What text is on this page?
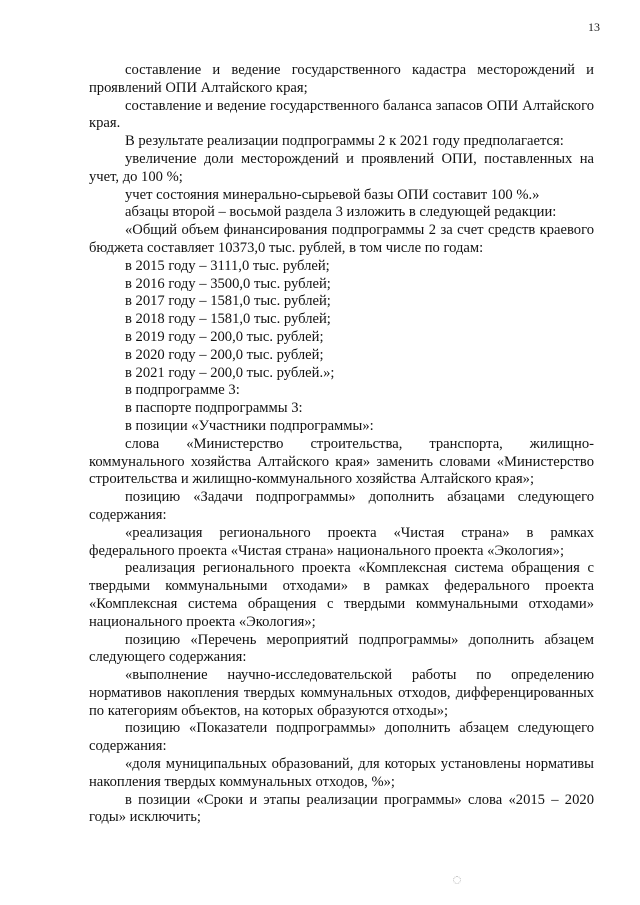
13

составление и ведение государственного кадастра месторождений и проявлений ОПИ Алтайского края;

составление и ведение государственного баланса запасов ОПИ Алтайского края.

В результате реализации подпрограммы 2 к 2021 году предполагается:

увеличение доли месторождений и проявлений ОПИ, поставленных на учет, до 100 %;

учет состояния минерально-сырьевой базы ОПИ составит 100 %.»

абзацы второй – восьмой раздела 3 изложить в следующей редакции:

«Общий объем финансирования подпрограммы 2 за счет средств краевого бюджета составляет 10373,0 тыс. рублей, в том числе по годам:

в 2015 году – 3111,0 тыс. рублей;

в 2016 году – 3500,0 тыс. рублей;

в 2017 году – 1581,0 тыс. рублей;

в 2018 году – 1581,0 тыс. рублей;

в 2019 году – 200,0 тыс. рублей;

в 2020 году – 200,0 тыс. рублей;

в 2021 году – 200,0 тыс. рублей.»;

в подпрограмме 3:

в паспорте подпрограммы 3:

в позиции «Участники подпрограммы»:

слова «Министерство строительства, транспорта, жилищно-коммунального хозяйства Алтайского края» заменить словами «Министерство строительства и жилищно-коммунального хозяйства Алтайского края»;

позицию «Задачи подпрограммы» дополнить абзацами следующего содержания:

«реализация регионального проекта «Чистая страна» в рамках федерального проекта «Чистая страна» национального проекта «Экология»;

реализация регионального проекта «Комплексная система обращения с твердыми коммунальными отходами» в рамках федерального проекта «Комплексная система обращения с твердыми коммунальными отходами» национального проекта «Экология»;

позицию «Перечень мероприятий подпрограммы» дополнить абзацем следующего содержания:

«выполнение научно-исследовательской работы по определению нормативов накопления твердых коммунальных отходов, дифференцированных по категориям объектов, на которых образуются отходы»;

позицию «Показатели подпрограммы» дополнить абзацем следующего содержания:

«доля муниципальных образований, для которых установлены нормативы накопления твердых коммунальных отходов, %»;

в позиции «Сроки и этапы реализации программы» слова «2015 – 2020 годы» исключить;
